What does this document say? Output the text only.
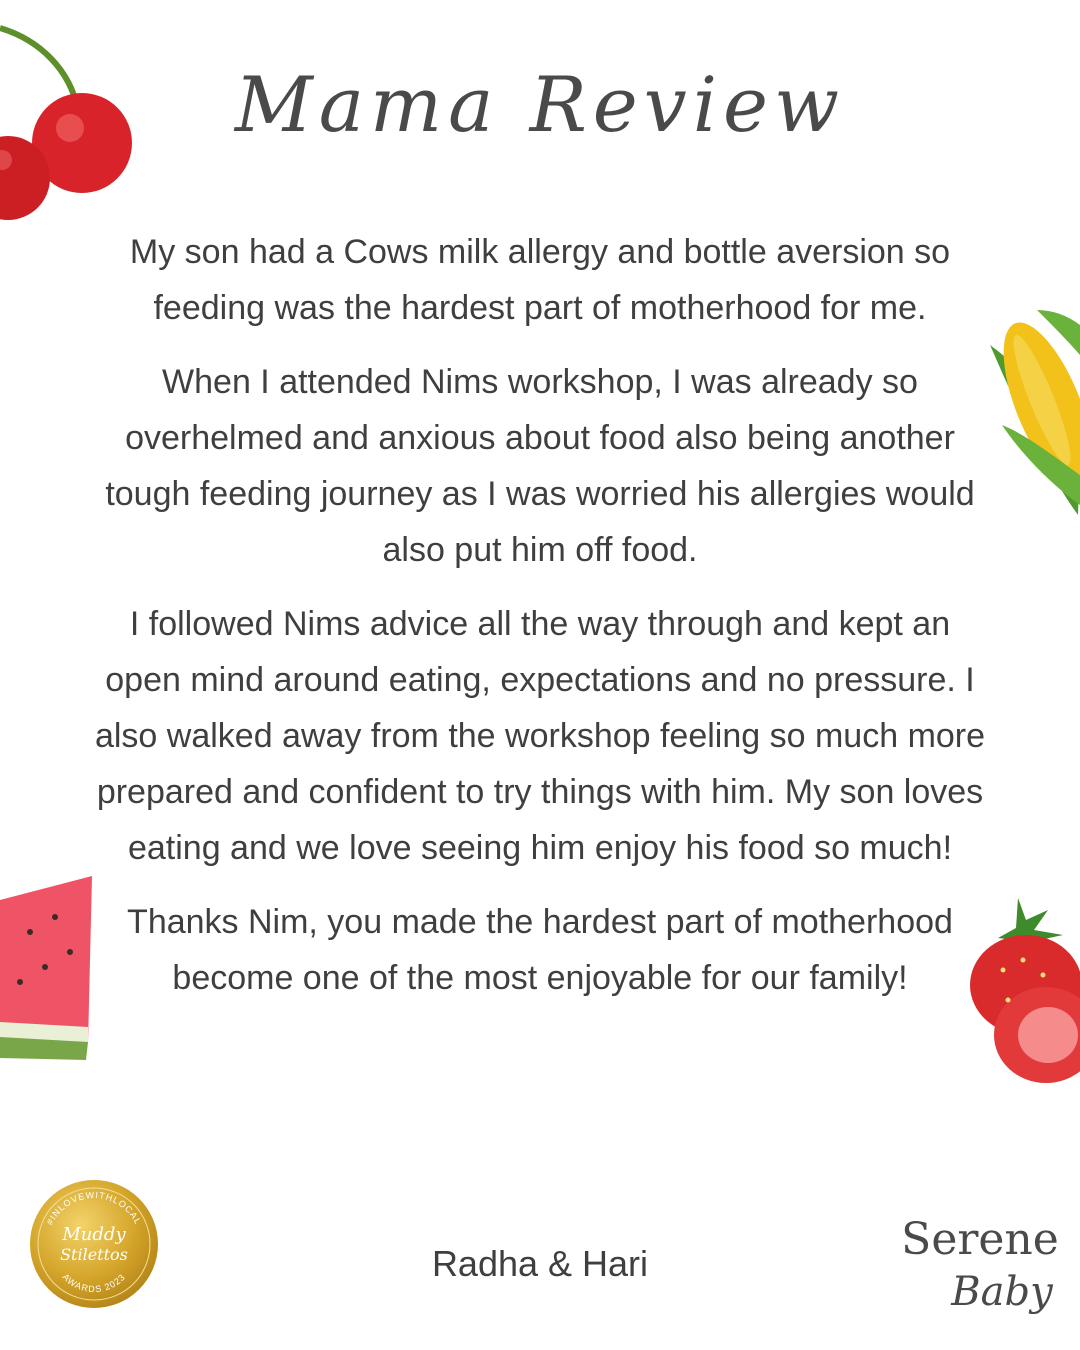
Mama Review

My son had a Cows milk allergy and bottle aversion so feeding was the hardest part of motherhood for me.

When I attended Nims workshop, I was already so overhelmed and anxious about food also being another tough feeding journey as I was worried his allergies would also put him off food.

I followed Nims advice all the way through and kept an open mind around eating, expectations and no pressure. I also walked away from the workshop feeling so much more prepared and confident to try things with him. My son loves eating and we love seeing him enjoy his food so much!

Thanks Nim, you made the hardest part of motherhood become one of the most enjoyable for our family!

#INLOVEWITHLOCAL
Muddy
Stilettos
AWARDS 2023	Radha & Hari	Serene
Baby
